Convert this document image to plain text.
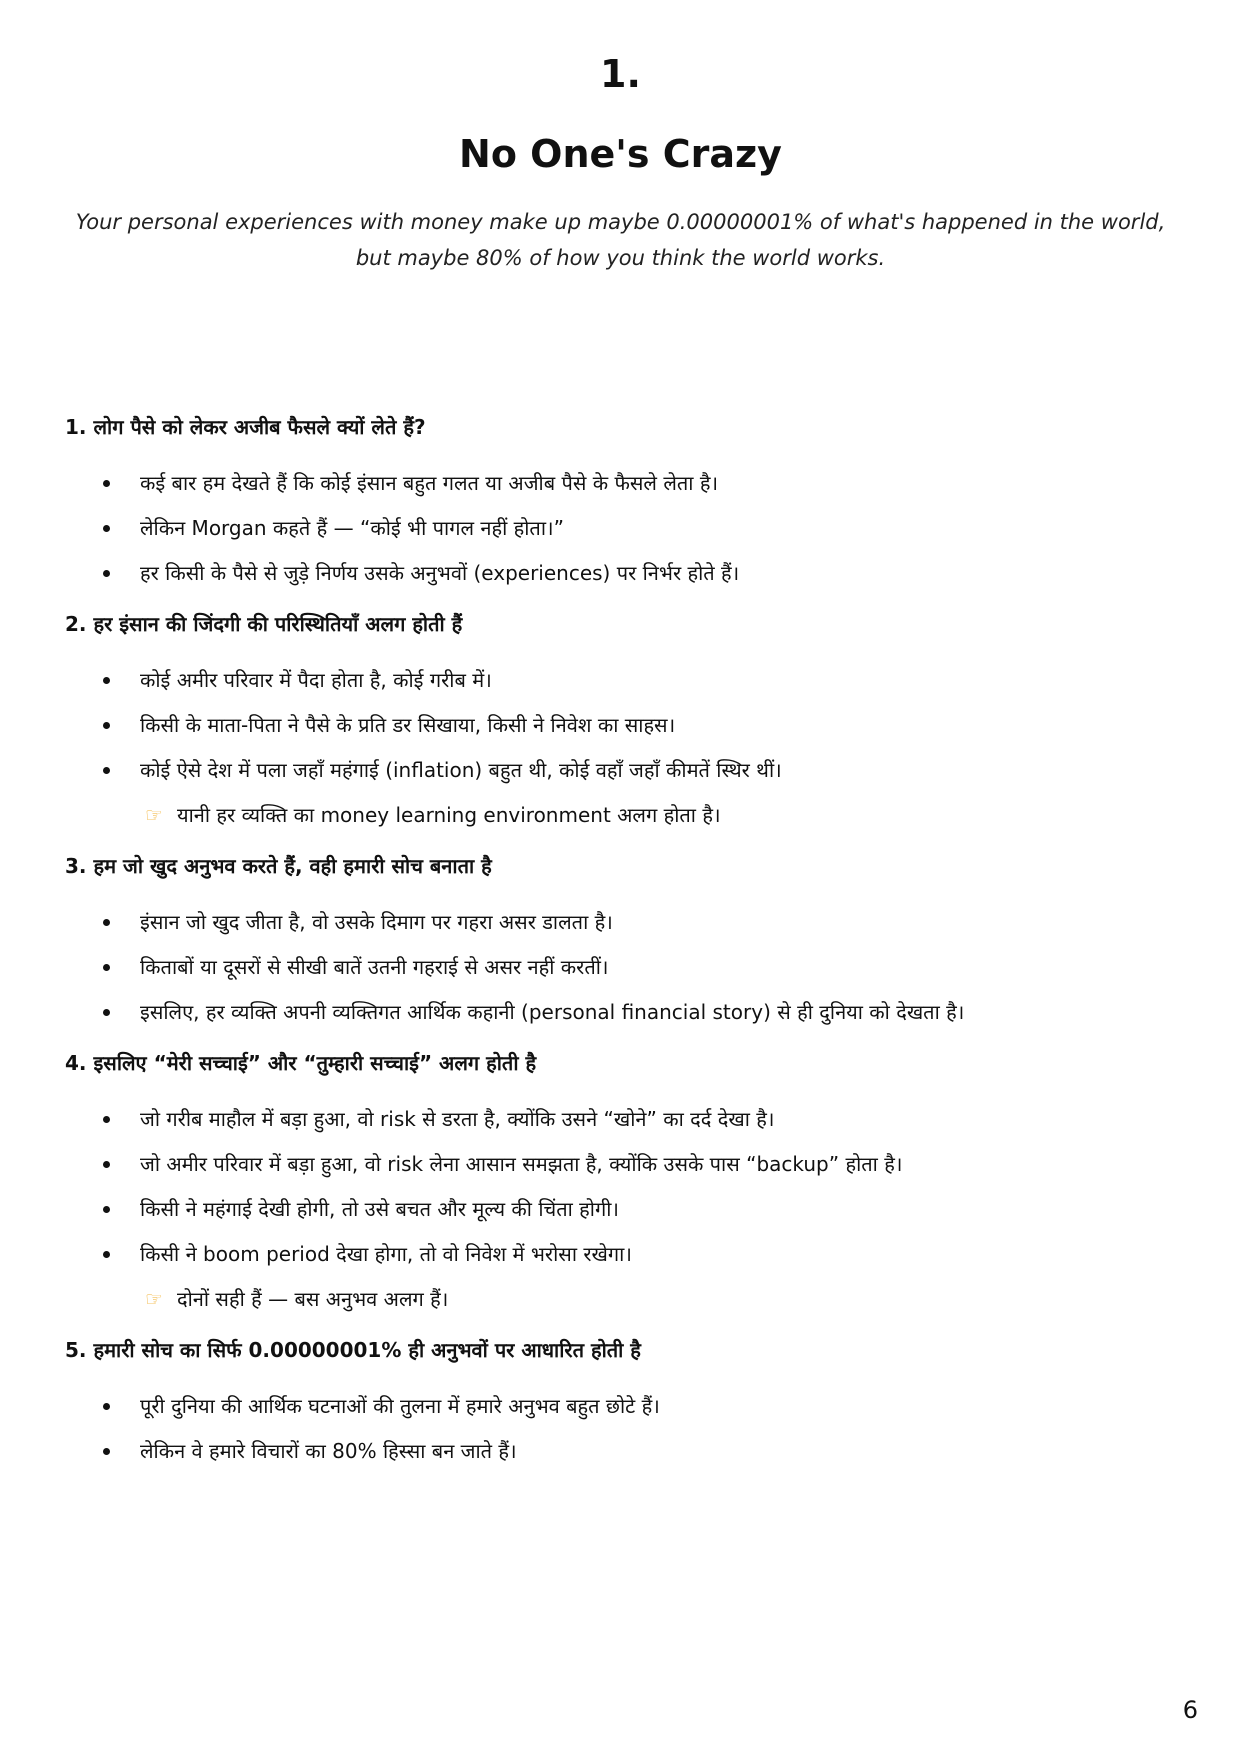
1.
No One's Crazy
Your personal experiences with money make up maybe 0.00000001% of what's happened in the world,
but maybe 80% of how you think the world works.
1. लोग पैसे को लेकर अजीब फैसले क्यों लेते हैं?
कई बार हम देखते हैं कि कोई इंसान बहुत गलत या अजीब पैसे के फैसले लेता है।
लेकिन Morgan कहते हैं — “कोई भी पागल नहीं होता।”
हर किसी के पैसे से जुड़े निर्णय उसके अनुभवों (experiences) पर निर्भर होते हैं।
2. हर इंसान की जिंदगी की परिस्थितियाँ अलग होती हैं
कोई अमीर परिवार में पैदा होता है, कोई गरीब में।
किसी के माता-पिता ने पैसे के प्रति डर सिखाया, किसी ने निवेश का साहस।
कोई ऐसे देश में पला जहाँ महंगाई (inflation) बहुत थी, कोई वहाँ जहाँ कीमतें स्थिर थीं।
☞ यानी हर व्यक्ति का money learning environment अलग होता है।
3. हम जो खुद अनुभव करते हैं, वही हमारी सोच बनाता है
इंसान जो खुद जीता है, वो उसके दिमाग पर गहरा असर डालता है।
किताबों या दूसरों से सीखी बातें उतनी गहराई से असर नहीं करतीं।
इसलिए, हर व्यक्ति अपनी व्यक्तिगत आर्थिक कहानी (personal financial story) से ही दुनिया को देखता है।
4. इसलिए “मेरी सच्चाई” और “तुम्हारी सच्चाई” अलग होती है
जो गरीब माहौल में बड़ा हुआ, वो risk से डरता है, क्योंकि उसने “खोने” का दर्द देखा है।
जो अमीर परिवार में बड़ा हुआ, वो risk लेना आसान समझता है, क्योंकि उसके पास “backup” होता है।
किसी ने महंगाई देखी होगी, तो उसे बचत और मूल्य की चिंता होगी।
किसी ने boom period देखा होगा, तो वो निवेश में भरोसा रखेगा।
☞ दोनों सही हैं — बस अनुभव अलग हैं।
5. हमारी सोच का सिर्फ 0.00000001% ही अनुभवों पर आधारित होती है
पूरी दुनिया की आर्थिक घटनाओं की तुलना में हमारे अनुभव बहुत छोटे हैं।
लेकिन वे हमारे विचारों का 80% हिस्सा बन जाते हैं।
6
